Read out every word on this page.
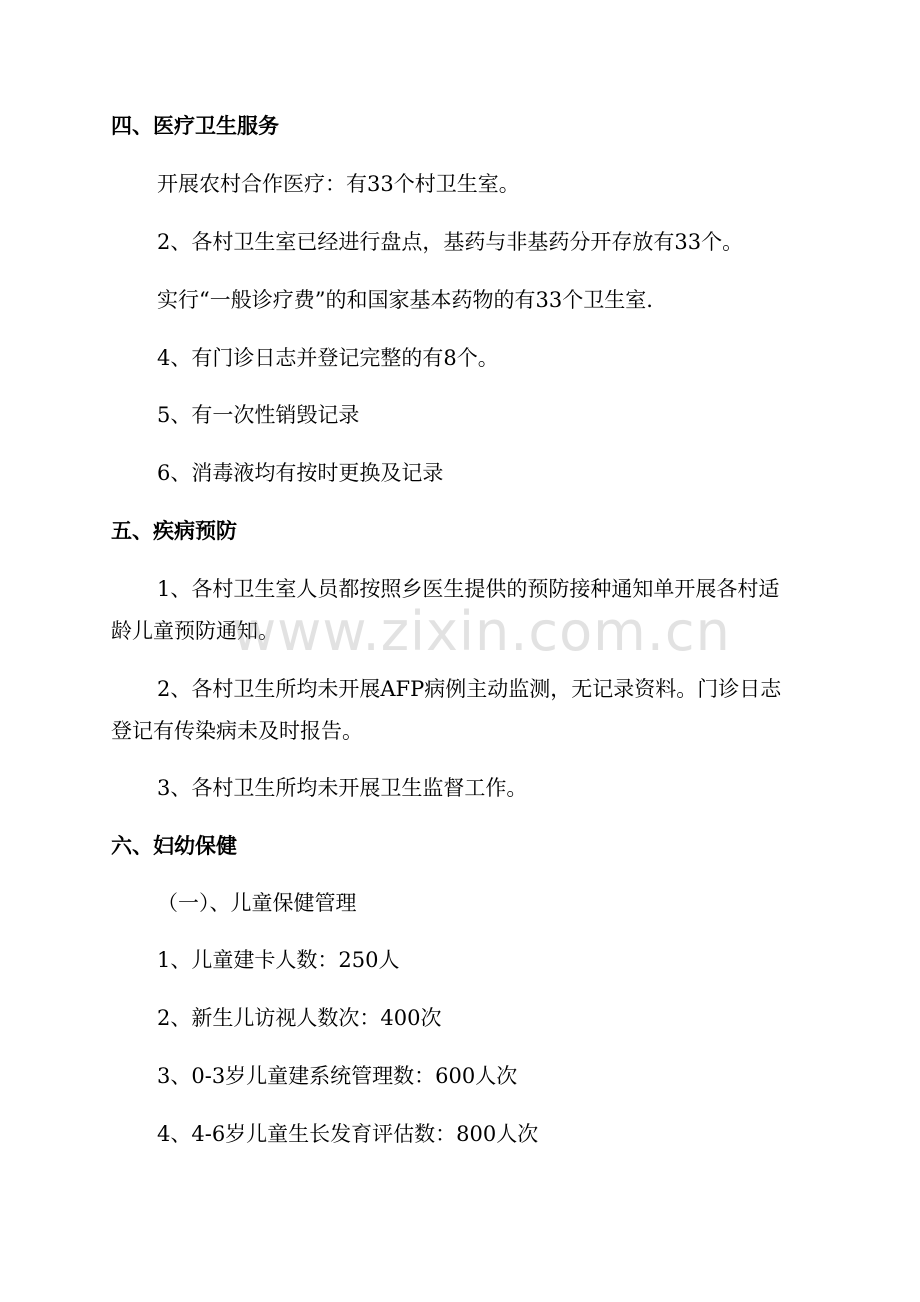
四、医疗卫生服务

开展农村合作医疗：有33个村卫生室。

2、各村卫生室已经进行盘点，基药与非基药分开存放有33个。

实行“一般诊疗费”的和国家基本药物的有33个卫生室.

4、有门诊日志并登记完整的有8个。

5、有一次性销毁记录

6、消毒液均有按时更换及记录

五、疾病预防

1、各村卫生室人员都按照乡医生提供的预防接种通知单开展各村适

龄儿童预防通知。

2、各村卫生所均未开展AFP病例主动监测，无记录资料。门诊日志

登记有传染病未及时报告。

3、各村卫生所均未开展卫生监督工作。

六、妇幼保健

（一）、儿童保健管理

1、儿童建卡人数：250人

2、新生儿访视人数次：400次

3、0-3岁儿童建系统管理数：600人次

4、4-6岁儿童生长发育评估数：800人次

www.zixin.com.cn
